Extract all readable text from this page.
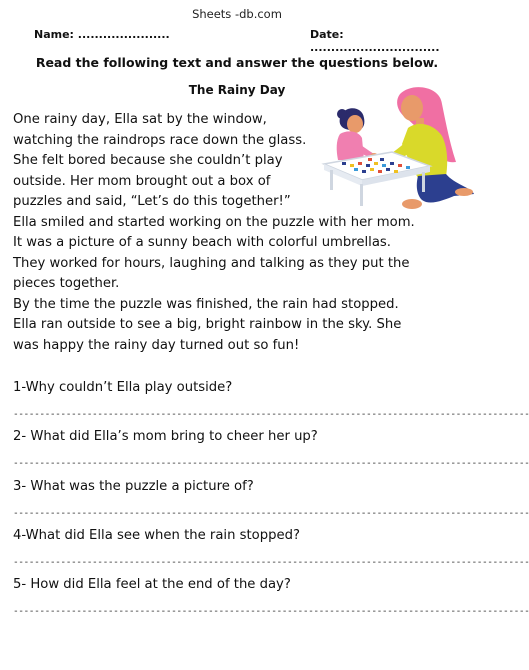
Sheets -db.com
Name: ......................	Date: ...............................
Read the following text and answer the questions below.
The Rainy Day
One rainy day, Ella sat by the window,
watching the raindrops race down the glass.
She felt bored because she couldn’t play
outside. Her mom brought out a box of
puzzles and said, “Let’s do this together!”
Ella smiled and started working on the puzzle with her mom.
It was a picture of a sunny beach with colorful umbrellas.
They worked for hours, laughing and talking as they put the
pieces together.
By the time the puzzle was finished, the rain had stopped.
Ella ran outside to see a big, bright rainbow in the sky. She
was happy the rainy day turned out so fun!
1-Why couldn’t Ella play outside?
--------------------------------------------------------------------------------------------------
2- What did Ella’s mom bring to cheer her up?
--------------------------------------------------------------------------------------------------
3- What was the puzzle a picture of?
--------------------------------------------------------------------------------------------------
4-What did Ella see when the rain stopped?
--------------------------------------------------------------------------------------------------
5- How did Ella feel at the end of the day?
--------------------------------------------------------------------------------------------------
